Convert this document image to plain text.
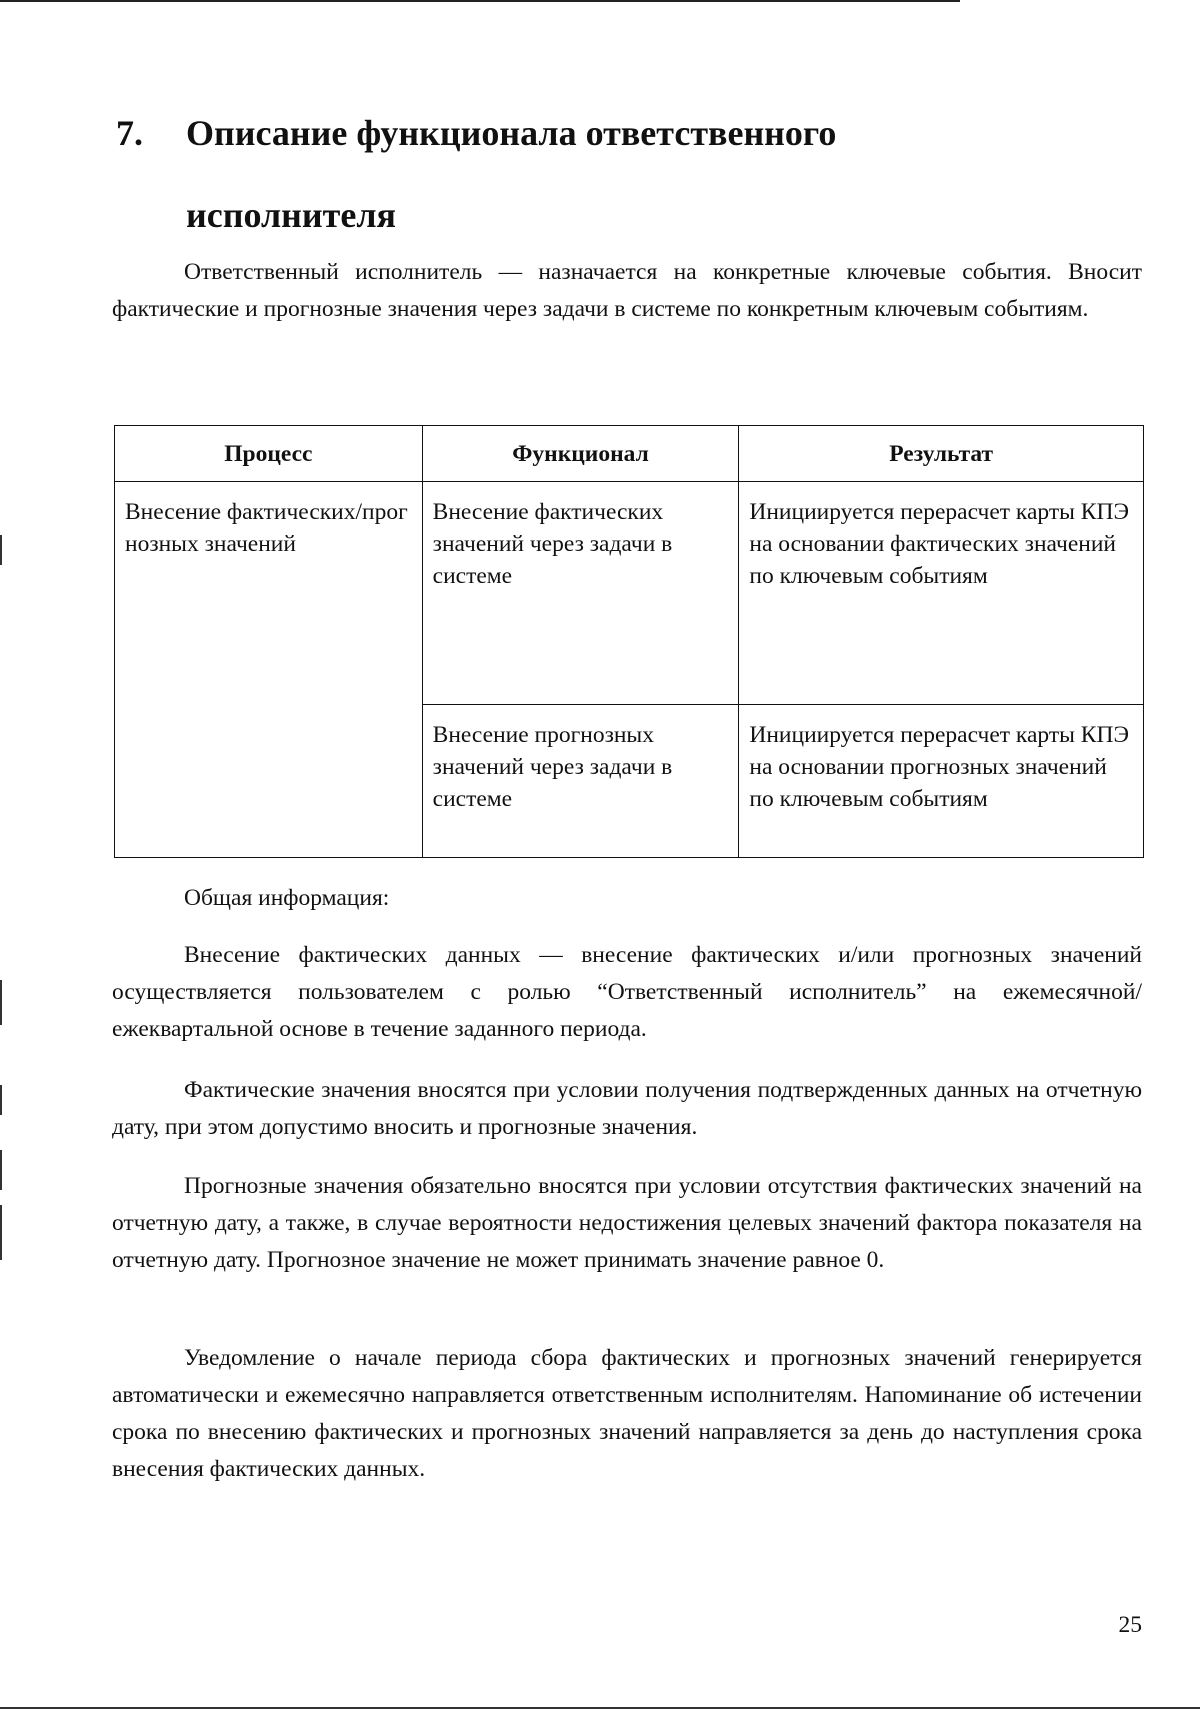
7. Описание функционала ответственного
исполнителя

Ответственный исполнитель — назначается на конкретные ключевые события. Вносит фактические и прогнозные значения через задачи в системе по конкретным ключевым событиям.

Процесс	Функционал	Результат
Внесение фактических/прогнозных значений	Внесение фактических значений через задачи в системе	Инициируется перерасчет карты КПЭ на основании фактических значений по ключевым событиям
	Внесение прогнозных значений через задачи в системе	Инициируется перерасчет карты КПЭ на основании прогнозных значений по ключевым событиям

Общая информация:

Внесение фактических данных — внесение фактических и/или прогнозных значений осуществляется пользователем с ролью “Ответственный исполнитель” на ежемесячной/ежеквартальной основе в течение заданного периода.

Фактические значения вносятся при условии получения подтвержденных данных на отчетную дату, при этом допустимо вносить и прогнозные значения.

Прогнозные значения обязательно вносятся при условии отсутствия фактических значений на отчетную дату, а также, в случае вероятности недостижения целевых значений фактора показателя на отчетную дату. Прогнозное значение не может принимать значение равное 0.

Уведомление о начале периода сбора фактических и прогнозных значений генерируется автоматически и ежемесячно направляется ответственным исполнителям. Напоминание об истечении срока по внесению фактических и прогнозных значений направляется за день до наступления срока внесения фактических данных.

25
